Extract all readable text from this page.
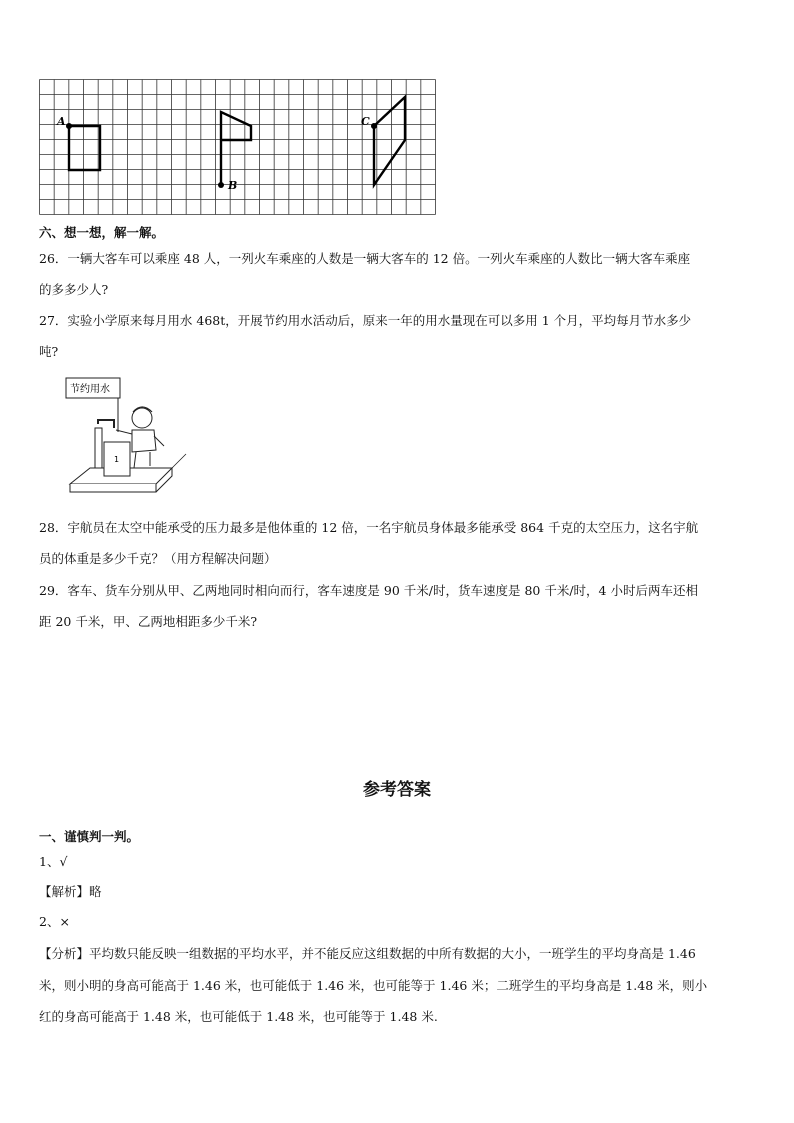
A
B
C
六、想一想，解一解。
26．一辆大客车可以乘座 48 人，一列火车乘座的人数是一辆大客车的 12 倍。一列火车乘座的人数比一辆大客车乘座
的多多少人?
27．实验小学原来每月用水 468t，开展节约用水活动后，原来一年的用水量现在可以多用 1 个月，平均每月节水多少
吨?
节约用水
1
28．宇航员在太空中能承受的压力最多是他体重的 12 倍，一名宇航员身体最多能承受 864 千克的太空压力，这名宇航
员的体重是多少千克？（用方程解决问题）
29．客车、货车分别从甲、乙两地同时相向而行，客车速度是 90 千米/时，货车速度是 80 千米/时，4 小时后两车还相
距 20 千米，甲、乙两地相距多少千米?
参考答案
一、谨慎判一判。
1、√
【解析】略
2、×
【分析】平均数只能反映一组数据的平均水平，并不能反应这组数据的中所有数据的大小，一班学生的平均身高是 1.46
米，则小明的身高可能高于 1.46 米，也可能低于 1.46 米，也可能等于 1.46 米；二班学生的平均身高是 1.48 米，则小
红的身高可能高于 1.48 米，也可能低于 1.48 米，也可能等于 1.48 米.
